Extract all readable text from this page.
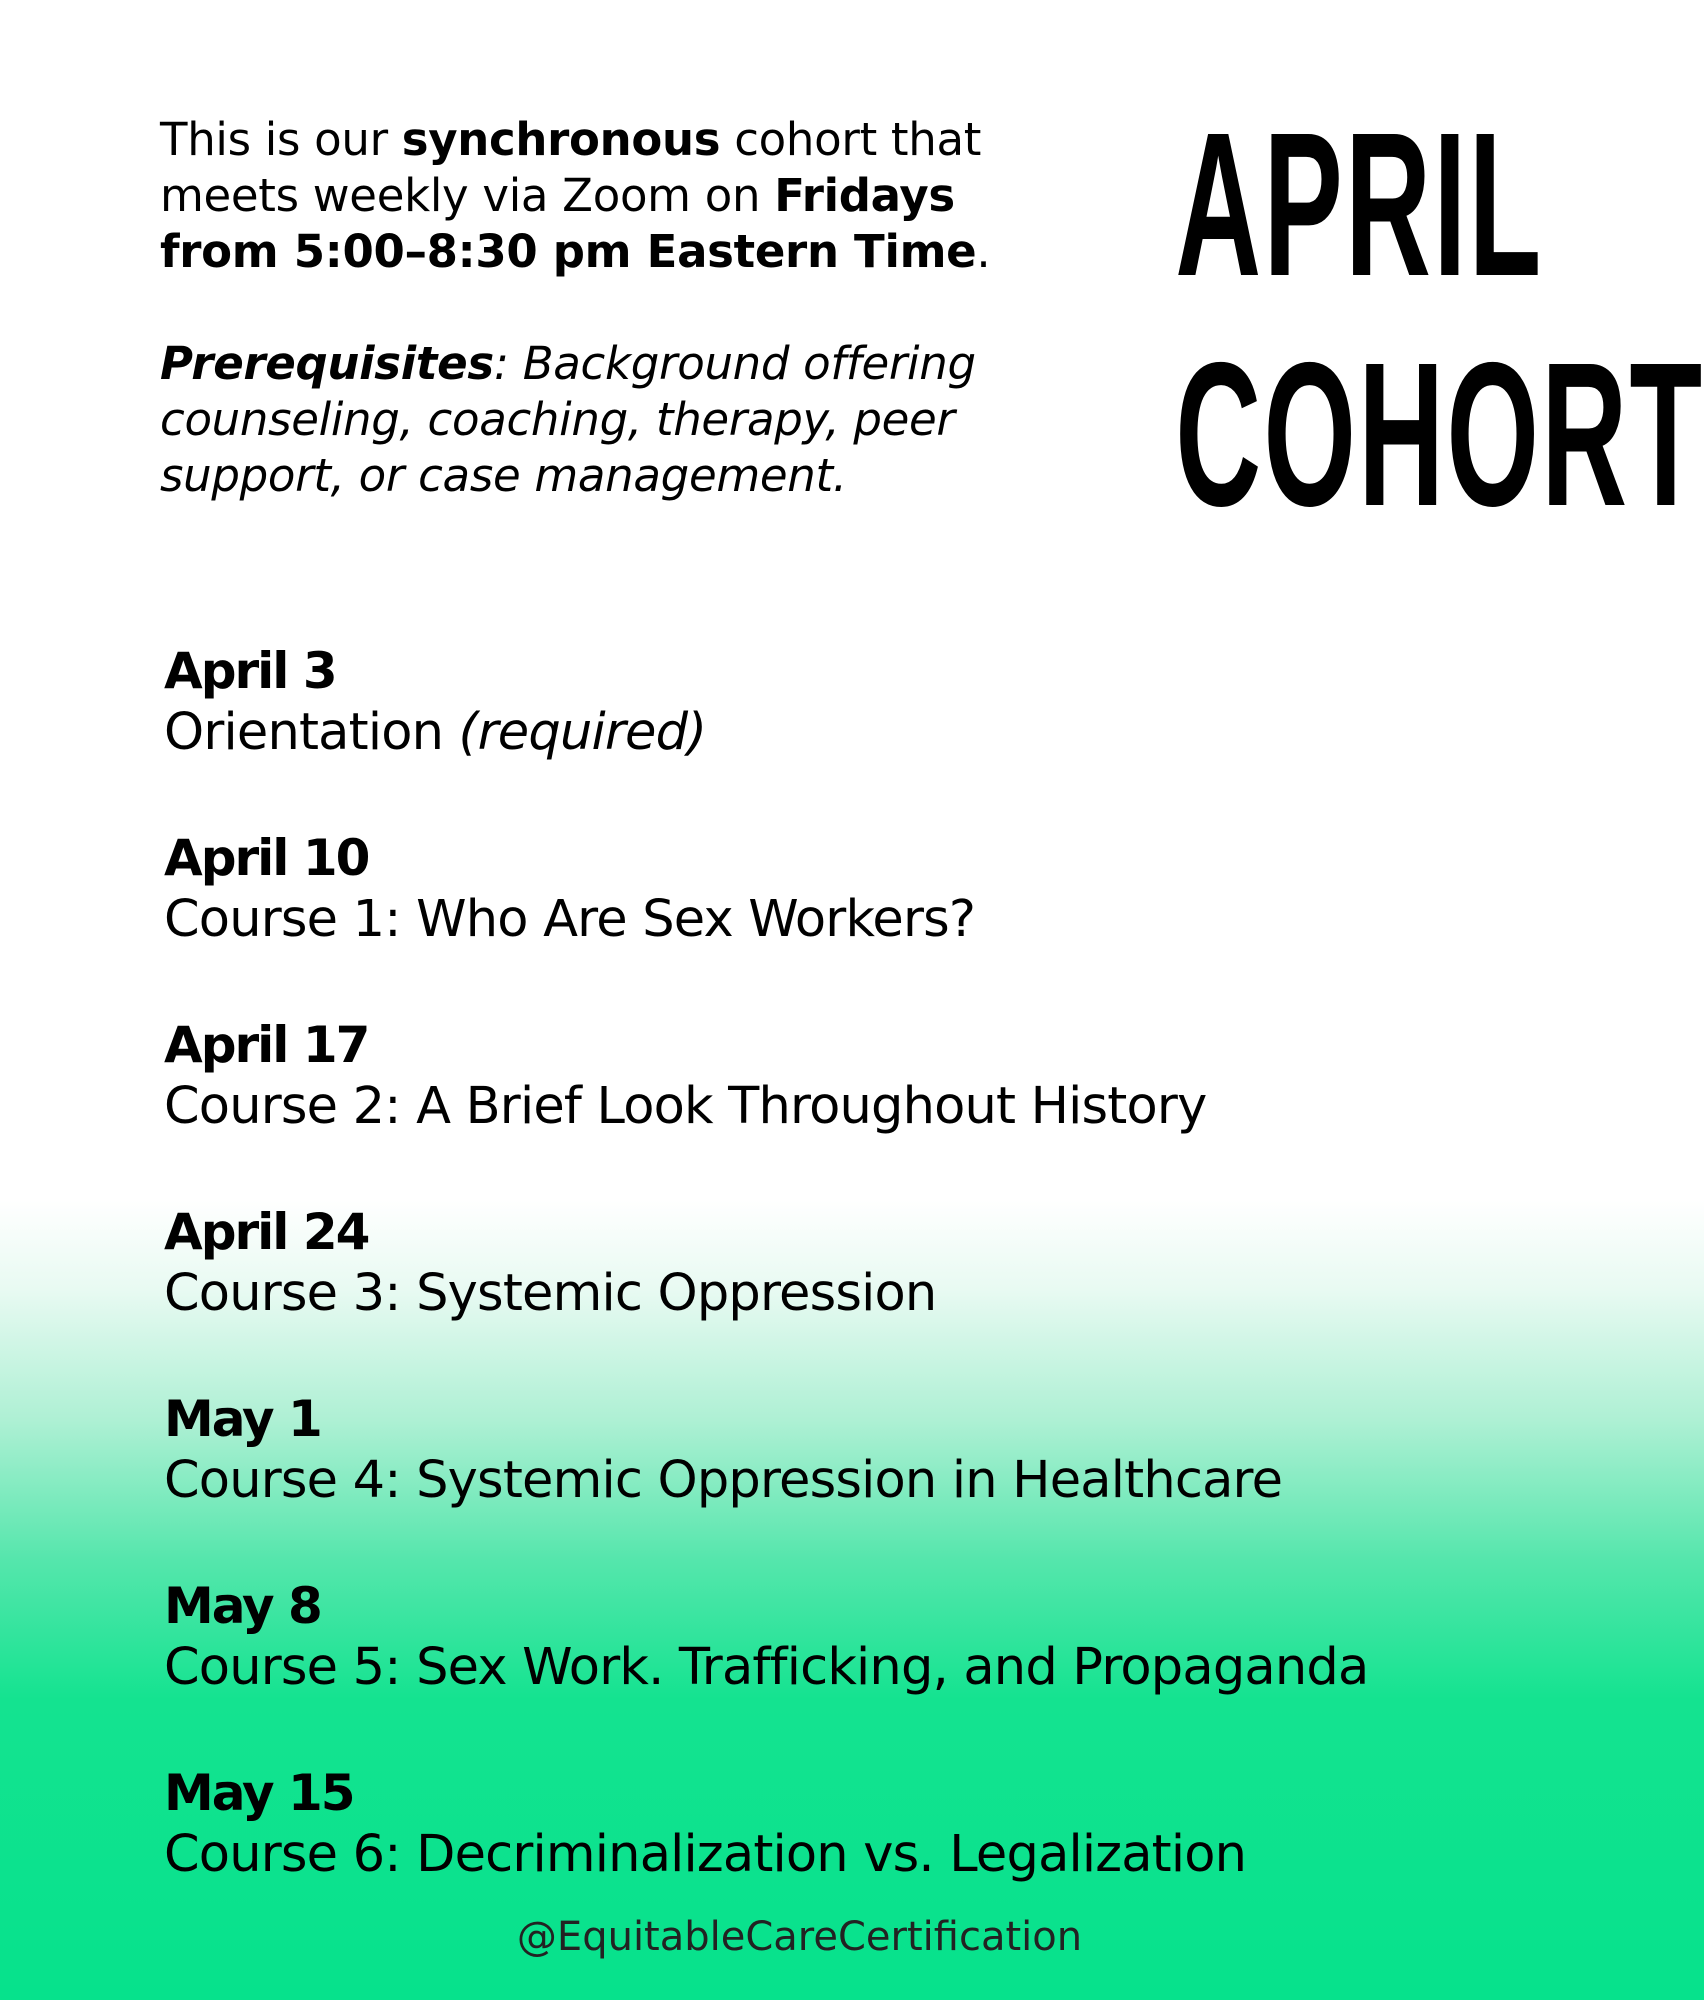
This is our synchronous cohort that meets weekly via Zoom on Fridays from 5:00–8:30 pm Eastern Time.

Prerequisites: Background offering counseling, coaching, therapy, peer support, or case management.

APRIL
COHORT
April 3
Orientation (required)
April 10
Course 1: Who Are Sex Workers?
April 17
Course 2: A Brief Look Throughout History
April 24
Course 3: Systemic Oppression
May 1
Course 4: Systemic Oppression in Healthcare
May 8
Course 5: Sex Work. Trafficking, and Propaganda
May 15
Course 6: Decriminalization vs. Legalization
@EquitableCareCertification
